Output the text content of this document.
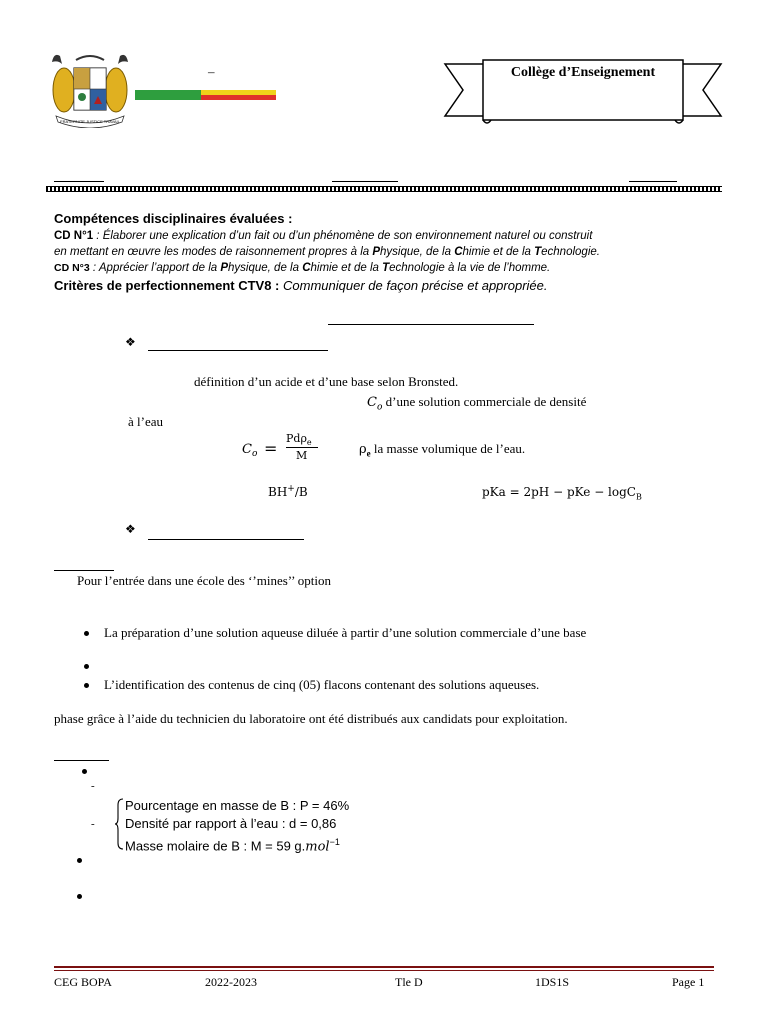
FRATERNITE JUSTICE TRAVAIL
–	Collège d’Enseignement
Compétences disciplinaires évaluées :
CD N°1 : Élaborer une explication d’un fait ou d’un phénomène de son environnement naturel ou construit
en mettant en œuvre les modes de raisonnement propres à la Physique, de la Chimie et de la Technologie.
CD N°3 : Apprécier l’apport de la Physique, de la Chimie et de la Technologie à la vie de l’homme.
Critères de perfectionnement CTV8 : Communiquer de façon précise et appropriée.
❖
définition d’un acide et d’une base selon Bronsted.
$C_o$ d’une solution commerciale de densité
à l’eau
C o =
Pdρ$_e$
M	$\rho_e$ la masse volumique de l’eau.
BH+/B	pKa = 2pH − pKe − logC$_B$
❖
Pour l’entrée dans une école des ‘’mines’’ option
La préparation d’une solution aqueuse diluée à partir d’une solution commerciale d’une base
L’identification des contenus de cinq (05) flacons contenant des solutions aqueuses.
phase grâce à l’aide du technicien du laboratoire ont été distribués aux candidats pour exploitation.
-
-
Pourcentage en masse de B : P = 46%
Densité par rapport à l’eau : d = 0,86
Masse molaire de B : M = 59 g.mol$^{-1}$
CEG BOPA	2022-2023	Tle D	1DS1S	Page 1
